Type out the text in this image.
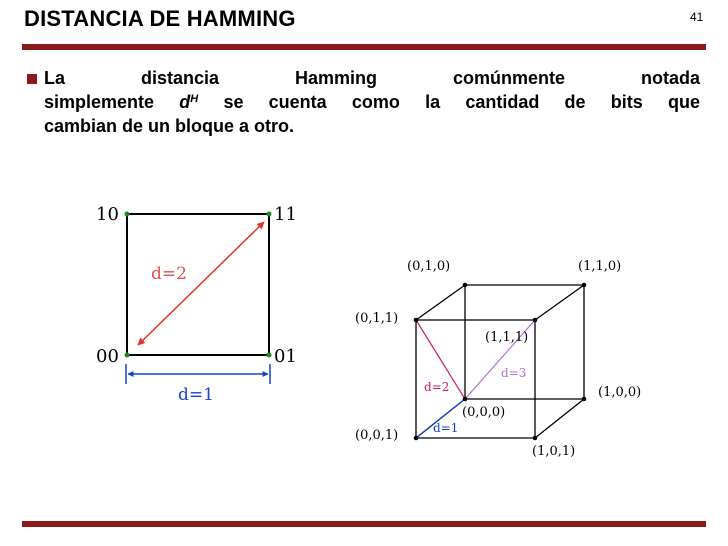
DISTANCIA DE HAMMING	41
La distancia Hamming comúnmente notada
simplemente $d^H$ se cuenta como la cantidad de bits que
cambian de un bloque a otro.
10	11
00	01
d=2
d=1
(0,1,0)	(1,1,0)
(0,1,1)
(1,1,1)
(0,0,0)
(1,0,0)
(0,0,1)
(1,0,1)
d=2
d=3
d=1
